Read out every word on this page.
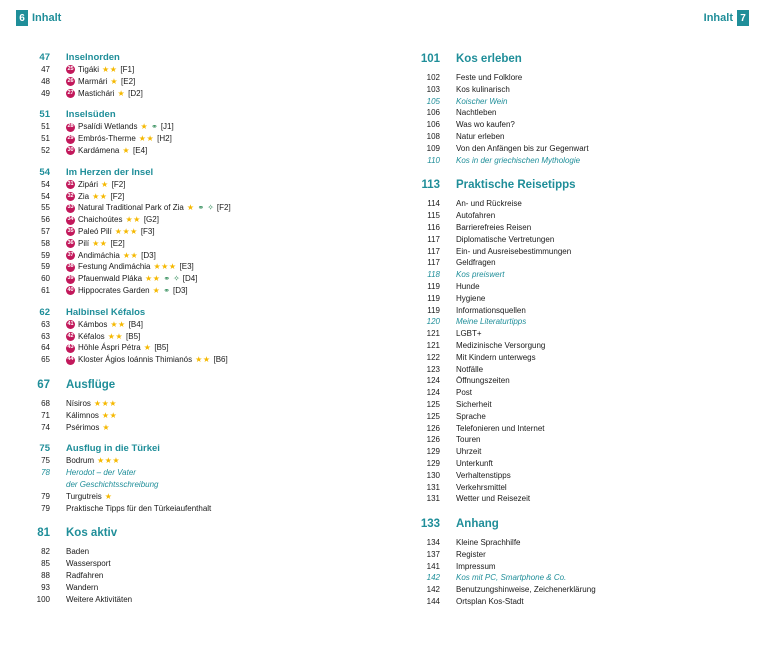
6 Inhalt	Inhalt 7
47 Inselnorden
47	25 Tigáki ★★ [F1]
48	26 Marmári ★ [E2]
49	27 Mastichári ★ [D2]
51 Inselsüden
51	28 Psalídi Wetlands ★ ⚭ [J1]
51	29 Embrós-Therme ★★ [H2]
52	30 Kardámena ★ [E4]
54 Im Herzen der Insel
54	31 Zipári ★ [F2]
54	32 Zia ★★ [F2]
55	33 Natural Traditional Park of Zia ★ ⚭ ✧ [F2]
56	34 Chaichoútes ★★ [G2]
57	35 Paleó Pilí ★★★ [F3]
58	36 Pilí ★★ [E2]
59	37 Andimáchia ★★ [D3]
59	38 Festung Andimáchia ★★★ [E3]
60	39 Pfauenwald Pláka ★★ ⚭ ✧ [D4]
61	40 Hippocrates Garden ★ ⚭ [D3]
62 Halbinsel Kéfalos
63	41 Kámbos ★★ [B4]
63	42 Kéfalos ★★ [B5]
64	43 Höhle Áspri Pétra ★ [B5]
65	44 Kloster Ágios Ioánnis Thimianós ★★ [B6]
67 Ausflüge
68 Nísiros ★★★
71 Kálimnos ★★
74 Psérimos ★
75 Ausflug in die Türkei
75 Bodrum ★★★
78 Herodot – der Vater
der Geschichtsschreibung
79 Turgutreis ★
79 Praktische Tipps für den Türkeiaufenthalt
81 Kos aktiv
82 Baden
85 Wassersport
88 Radfahren
93 Wandern
100 Weitere Aktivitäten
101 Kos erleben
102 Feste und Folklore
103 Kos kulinarisch
105 Koischer Wein
106 Nachtleben
106 Was wo kaufen?
108 Natur erleben
109 Von den Anfängen bis zur Gegenwart
110 Kos in der griechischen Mythologie
113 Praktische Reisetipps
114 An- und Rückreise
115 Autofahren
116 Barrierefreies Reisen
117 Diplomatische Vertretungen
117 Ein- und Ausreisebestimmungen
117 Geldfragen
118 Kos preiswert
119 Hunde
119 Hygiene
119 Informationsquellen
120 Meine Literaturtipps
121 LGBT+
121 Medizinische Versorgung
122 Mit Kindern unterwegs
123 Notfälle
124 Öffnungszeiten
124 Post
125 Sicherheit
125 Sprache
126 Telefonieren und Internet
126 Touren
129 Uhrzeit
129 Unterkunft
130 Verhaltenstipps
131 Verkehrsmittel
131 Wetter und Reisezeit
133 Anhang
134 Kleine Sprachhilfe
137 Register
141 Impressum
142 Kos mit PC, Smartphone & Co.
142 Benutzungshinweise, Zeichenerklärung
144 Ortsplan Kos-Stadt
